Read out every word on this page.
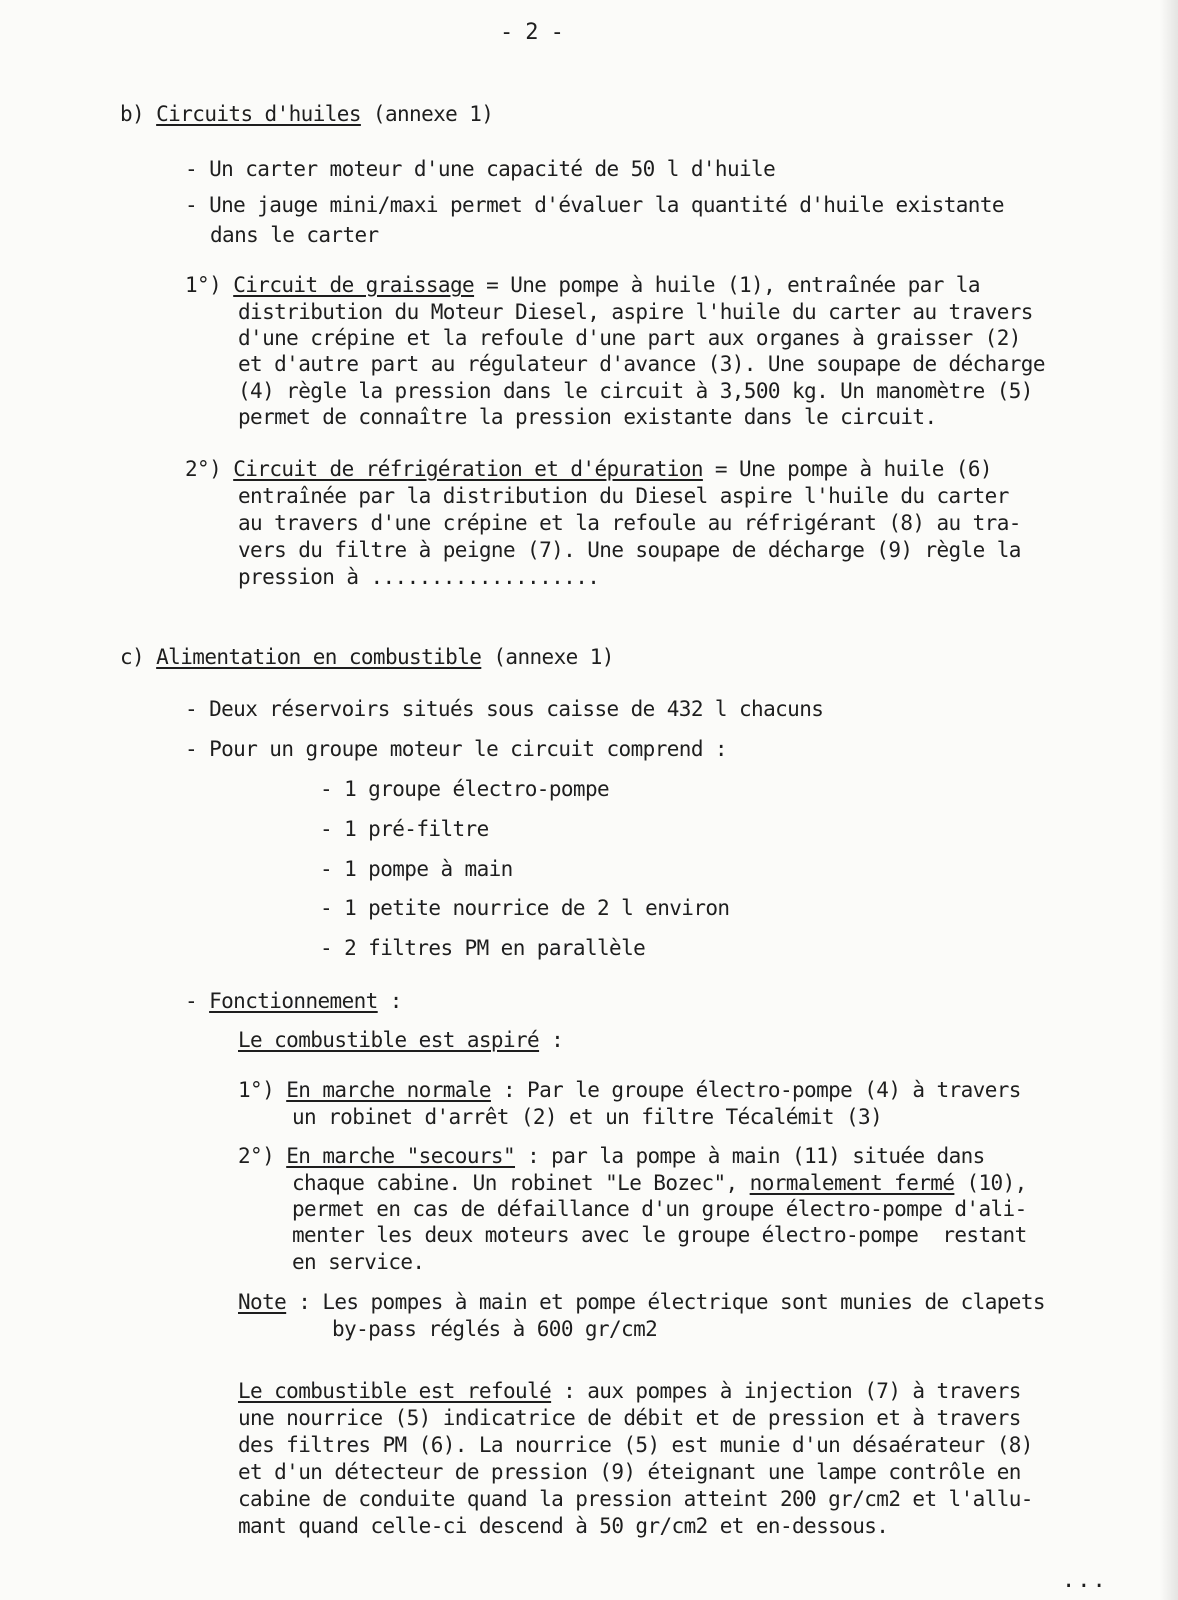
- 2 -
b) Circuits d'huiles (annexe 1)
- Un carter moteur d'une capacité de 50 l d'huile
- Une jauge mini/maxi permet d'évaluer la quantité d'huile existante
dans le carter
1°) Circuit de graissage = Une pompe à huile (1), entraînée par la
distribution du Moteur Diesel, aspire l'huile du carter au travers
d'une crépine et la refoule d'une part aux organes à graisser (2)
et d'autre part au régulateur d'avance (3). Une soupape de décharge
(4) règle la pression dans le circuit à 3,500 kg. Un manomètre (5)
permet de connaître la pression existante dans le circuit.
2°) Circuit de réfrigération et d'épuration = Une pompe à huile (6)
entraînée par la distribution du Diesel aspire l'huile du carter
au travers d'une crépine et la refoule au réfrigérant (8) au tra-
vers du filtre à peigne (7). Une soupape de décharge (9) règle la
pression à ...................
c) Alimentation en combustible (annexe 1)
- Deux réservoirs situés sous caisse de 432 l chacuns
- Pour un groupe moteur le circuit comprend :
- 1 groupe électro-pompe
- 1 pré-filtre
- 1 pompe à main
- 1 petite nourrice de 2 l environ
- 2 filtres PM en parallèle
- Fonctionnement :
Le combustible est aspiré :
1°) En marche normale : Par le groupe électro-pompe (4) à travers
un robinet d'arrêt (2) et un filtre Técalémit (3)
2°) En marche "secours" : par la pompe à main (11) située dans
chaque cabine. Un robinet "Le Bozec", normalement fermé (10),
permet en cas de défaillance d'un groupe électro-pompe d'ali-
menter les deux moteurs avec le groupe électro-pompe  restant
en service.
Note : Les pompes à main et pompe électrique sont munies de clapets
by-pass réglés à 600 gr/cm2
Le combustible est refoulé : aux pompes à injection (7) à travers
une nourrice (5) indicatrice de débit et de pression et à travers
des filtres PM (6). La nourrice (5) est munie d'un désaérateur (8)
et d'un détecteur de pression (9) éteignant une lampe contrôle en
cabine de conduite quand la pression atteint 200 gr/cm2 et l'allu-
mant quand celle-ci descend à 50 gr/cm2 et en-dessous.
...
